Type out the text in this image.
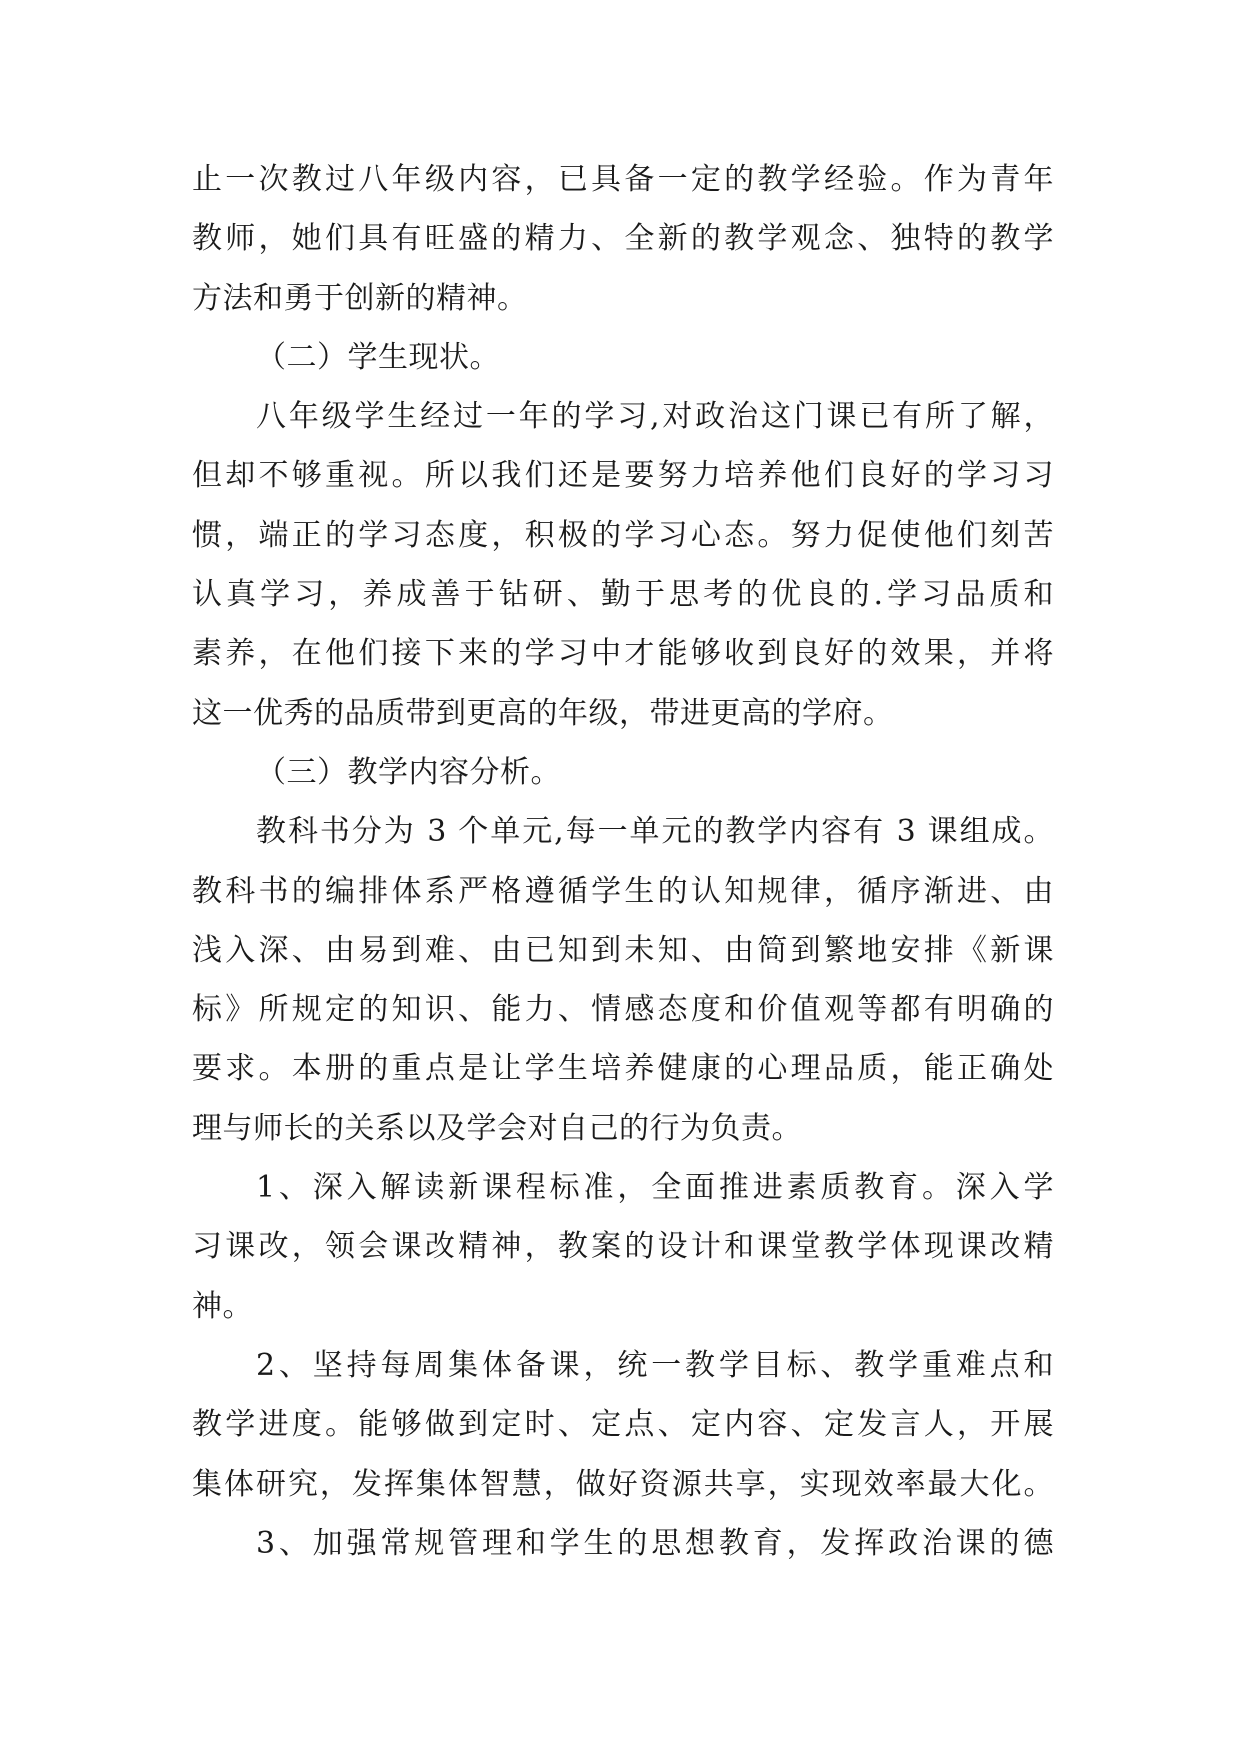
止一次教过八年级内容，已具备一定的教学经验。作为青年
教师，她们具有旺盛的精力、全新的教学观念、独特的教学
方法和勇于创新的精神。
（二）学生现状。
八年级学生经过一年的学习,对政治这门课已有所了解，
但却不够重视。所以我们还是要努力培养他们良好的学习习
惯，端正的学习态度，积极的学习心态。努力促使他们刻苦
认真学习，养成善于钻研、勤于思考的优良的.学习品质和
素养，在他们接下来的学习中才能够收到良好的效果，并将
这一优秀的品质带到更高的年级，带进更高的学府。
（三）教学内容分析。
教科书分为 3 个单元,每一单元的教学内容有 3 课组成。
教科书的编排体系严格遵循学生的认知规律，循序渐进、由
浅入深、由易到难、由已知到未知、由简到繁地安排《新课
标》所规定的知识、能力、情感态度和价值观等都有明确的
要求。本册的重点是让学生培养健康的心理品质，能正确处
理与师长的关系以及学会对自己的行为负责。
1、深入解读新课程标准，全面推进素质教育。深入学
习课改，领会课改精神，教案的设计和课堂教学体现课改精
神。
2、坚持每周集体备课，统一教学目标、教学重难点和
教学进度。能够做到定时、定点、定内容、定发言人，开展
集体研究，发挥集体智慧，做好资源共享，实现效率最大化。
3、加强常规管理和学生的思想教育，发挥政治课的德
